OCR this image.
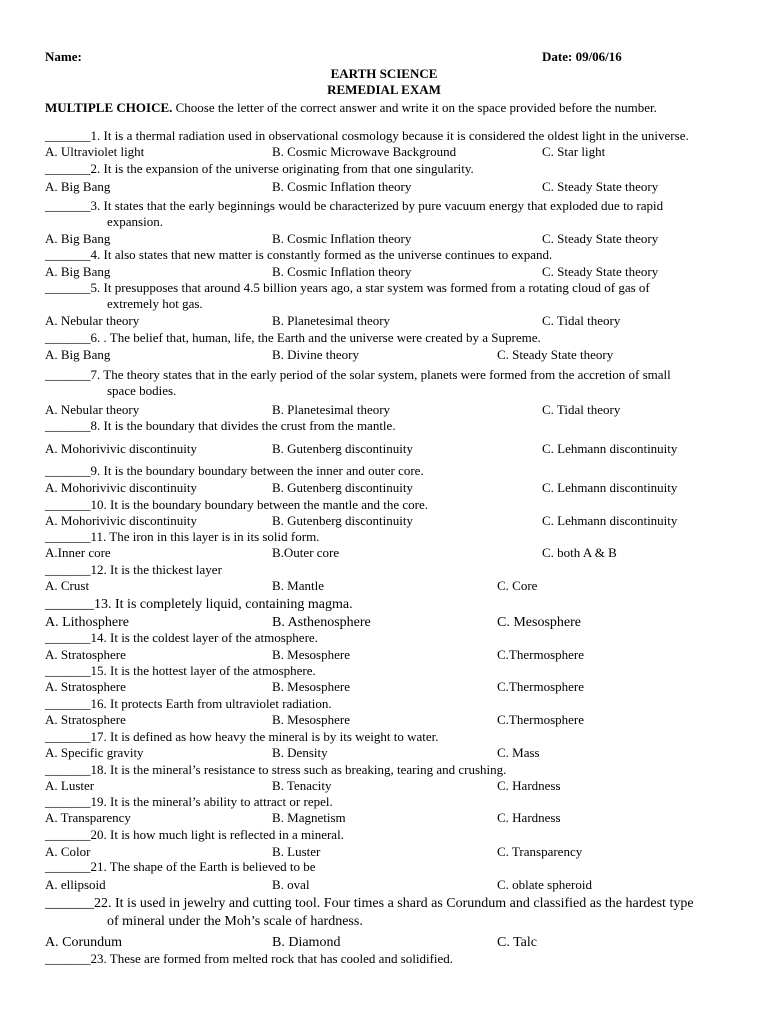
Name:	Date: 09/06/16
EARTH SCIENCE
REMEDIAL EXAM
MULTIPLE CHOICE. Choose the letter of the correct answer and write it on the space provided before the number.
_______1. It is a thermal radiation used in observational cosmology because it is considered the oldest light in the universe.
A. Ultraviolet light	B. Cosmic Microwave Background	C. Star light
_______2. It is the expansion of the universe originating from that one singularity.
A. Big Bang	B. Cosmic Inflation theory	C. Steady State theory
_______3. It states that the early beginnings would be characterized by pure vacuum energy that exploded due to rapid
expansion.
A. Big Bang	B. Cosmic Inflation theory	C. Steady State theory
_______4. It also states that new matter is constantly formed as the universe continues to expand.
A. Big Bang	B. Cosmic Inflation theory	C. Steady State theory
_______5. It presupposes that around 4.5 billion years ago, a star system was formed from a rotating cloud of gas of
extremely hot gas.
A. Nebular theory	B. Planetesimal theory	C. Tidal theory
_______6. . The belief that, human, life, the Earth and the universe were created by a Supreme.
A. Big Bang	B. Divine theory	C. Steady State theory
_______7. The theory states that in the early period of the solar system, planets were formed from the accretion of small
space bodies.
A. Nebular theory	B. Planetesimal theory	C. Tidal theory
_______8. It is the boundary that divides the crust from the mantle.
A. Mohorivivic discontinuity	B. Gutenberg discontinuity	C. Lehmann discontinuity
_______9. It is the boundary boundary between the inner and outer core.
A. Mohorivivic discontinuity	B. Gutenberg discontinuity	C. Lehmann discontinuity
_______10. It is the boundary boundary between the mantle and the core.
A. Mohorivivic discontinuity	B. Gutenberg discontinuity	C. Lehmann discontinuity
_______11. The iron in this layer is in its solid form.
A.Inner core	B.Outer core	C. both A & B
_______12. It is the thickest layer
A. Crust	B. Mantle	C. Core
_______13. It is completely liquid, containing magma.
A. Lithosphere	B. Asthenosphere	C. Mesosphere
_______14. It is the coldest layer of the atmosphere.
A. Stratosphere	B. Mesosphere	C.Thermosphere
_______15. It is the hottest layer of the atmosphere.
A. Stratosphere	B. Mesosphere	C.Thermosphere
_______16. It protects Earth from ultraviolet radiation.
A. Stratosphere	B. Mesosphere	C.Thermosphere
_______17. It is defined as how heavy the mineral is by its weight to water.
A. Specific gravity	B. Density	C. Mass
_______18. It is the mineral’s resistance to stress such as breaking, tearing and crushing.
A. Luster	B. Tenacity	C. Hardness
_______19. It is the mineral’s ability to attract or repel.
A. Transparency	B. Magnetism	C. Hardness
_______20. It is how much light is reflected in a mineral.
A. Color	B. Luster	C. Transparency
_______21. The shape of the Earth is believed to be
A. ellipsoid	B. oval	C. oblate spheroid
_______22. It is used in jewelry and cutting tool. Four times a shard as Corundum and classified as the hardest type
of mineral under the Moh’s scale of hardness.
A. Corundum	B. Diamond	C. Talc
_______23. These are formed from melted rock that has cooled and solidified.
